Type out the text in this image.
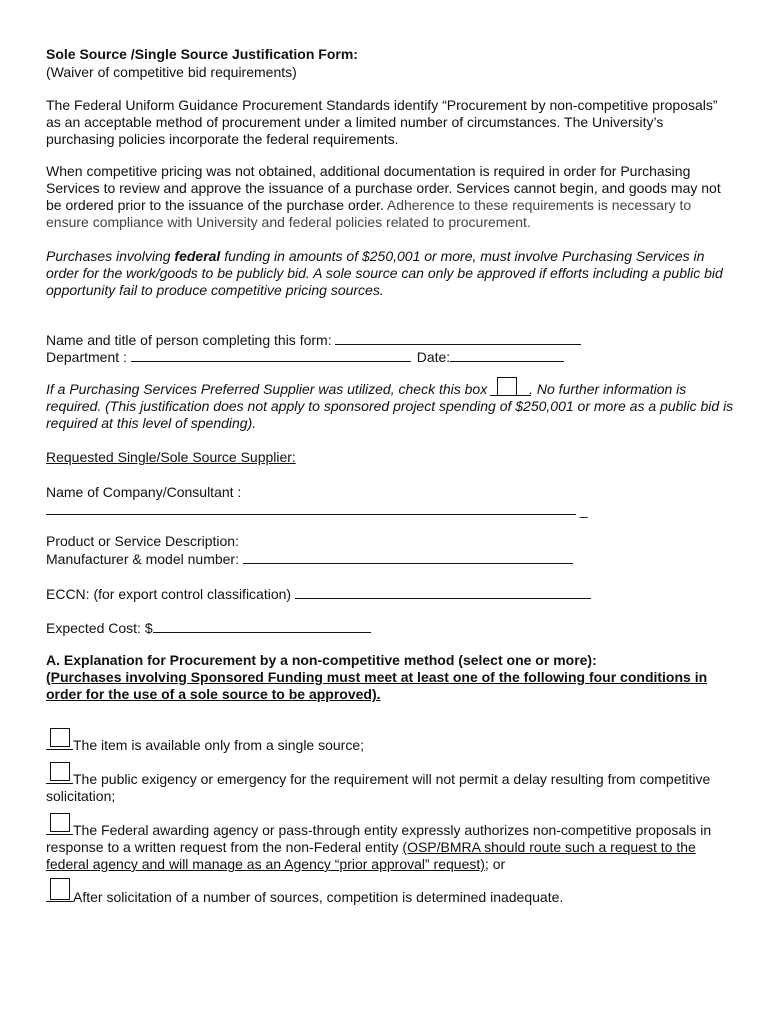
Sole Source /Single Source Justification Form:
(Waiver of competitive bid requirements)
The Federal Uniform Guidance Procurement Standards identify “Procurement by non-competitive proposals” as an acceptable method of procurement under a limited number of circumstances. The University’s purchasing policies incorporate the federal requirements.
When competitive pricing was not obtained, additional documentation is required in order for Purchasing Services to review and approve the issuance of a purchase order. Services cannot begin, and goods may not be ordered prior to the issuance of the purchase order. Adherence to these requirements is necessary to ensure compliance with University and federal policies related to procurement.
Purchases involving federal funding in amounts of $250,001 or more, must involve Purchasing Services in order for the work/goods to be publicly bid. A sole source can only be approved if efforts including a public bid opportunity fail to produce competitive pricing sources.
Name and title of person completing this form:
Department :	Date:
If a Purchasing Services Preferred Supplier was utilized, check this box	. No further information is required. (This justification does not apply to sponsored project spending of $250,001 or more as a public bid is required at this level of spending).
Requested Single/Sole Source Supplier:
Name of Company/Consultant :
_
Product or Service Description:
Manufacturer & model number:
ECCN: (for export control classification)
Expected Cost: $
A. Explanation for Procurement by a non-competitive method (select one or more):
(Purchases involving Sponsored Funding must meet at least one of the following four conditions in order for the use of a sole source to be approved).
The item is available only from a single source;
The public exigency or emergency for the requirement will not permit a delay resulting from competitive solicitation;
The Federal awarding agency or pass-through entity expressly authorizes non-competitive proposals in response to a written request from the non-Federal entity (OSP/BMRA should route such a request to the federal agency and will manage as an Agency “prior approval” request); or
After solicitation of a number of sources, competition is determined inadequate.
